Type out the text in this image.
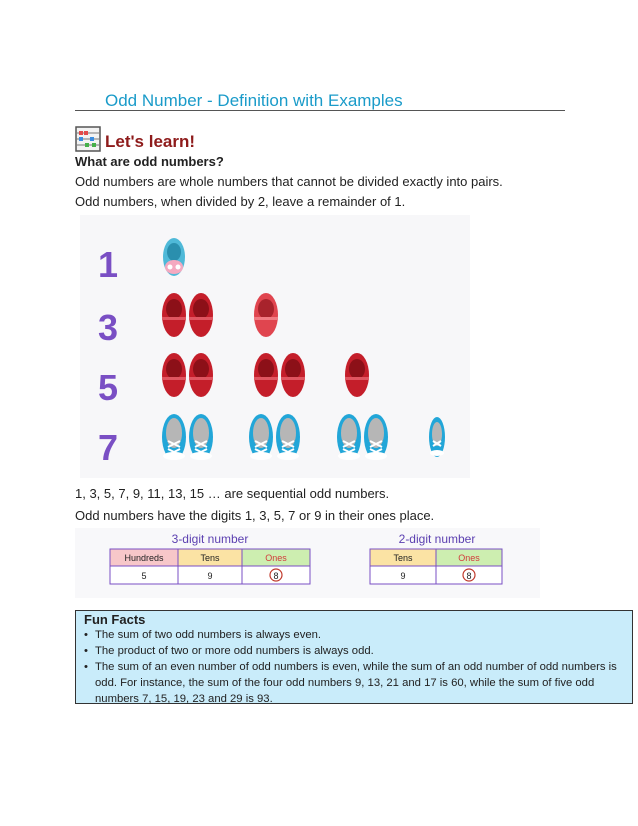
Odd Number - Definition with Examples
Let's learn!
What are odd numbers?
Odd numbers are whole numbers that cannot be divided exactly into pairs.
Odd numbers, when divided by 2, leave a remainder of 1.
1
3
5
7
1, 3, 5, 7, 9, 11, 13, 15 … are sequential odd numbers.
Odd numbers have the digits 1, 3, 5, 7 or 9 in their ones place.
3-digit number
Hundreds	Tens	Ones
5	9	8
2-digit number
Tens	Ones
9	8
Fun Facts
• The sum of two odd numbers is always even.
• The product of two or more odd numbers is always odd.
• The sum of an even number of odd numbers is even, while the sum of an odd number of odd numbers is odd. For instance, the sum of the four odd numbers 9, 13, 21 and 17 is 60, while the sum of five odd numbers 7, 15, 19, 23 and 29 is 93.
